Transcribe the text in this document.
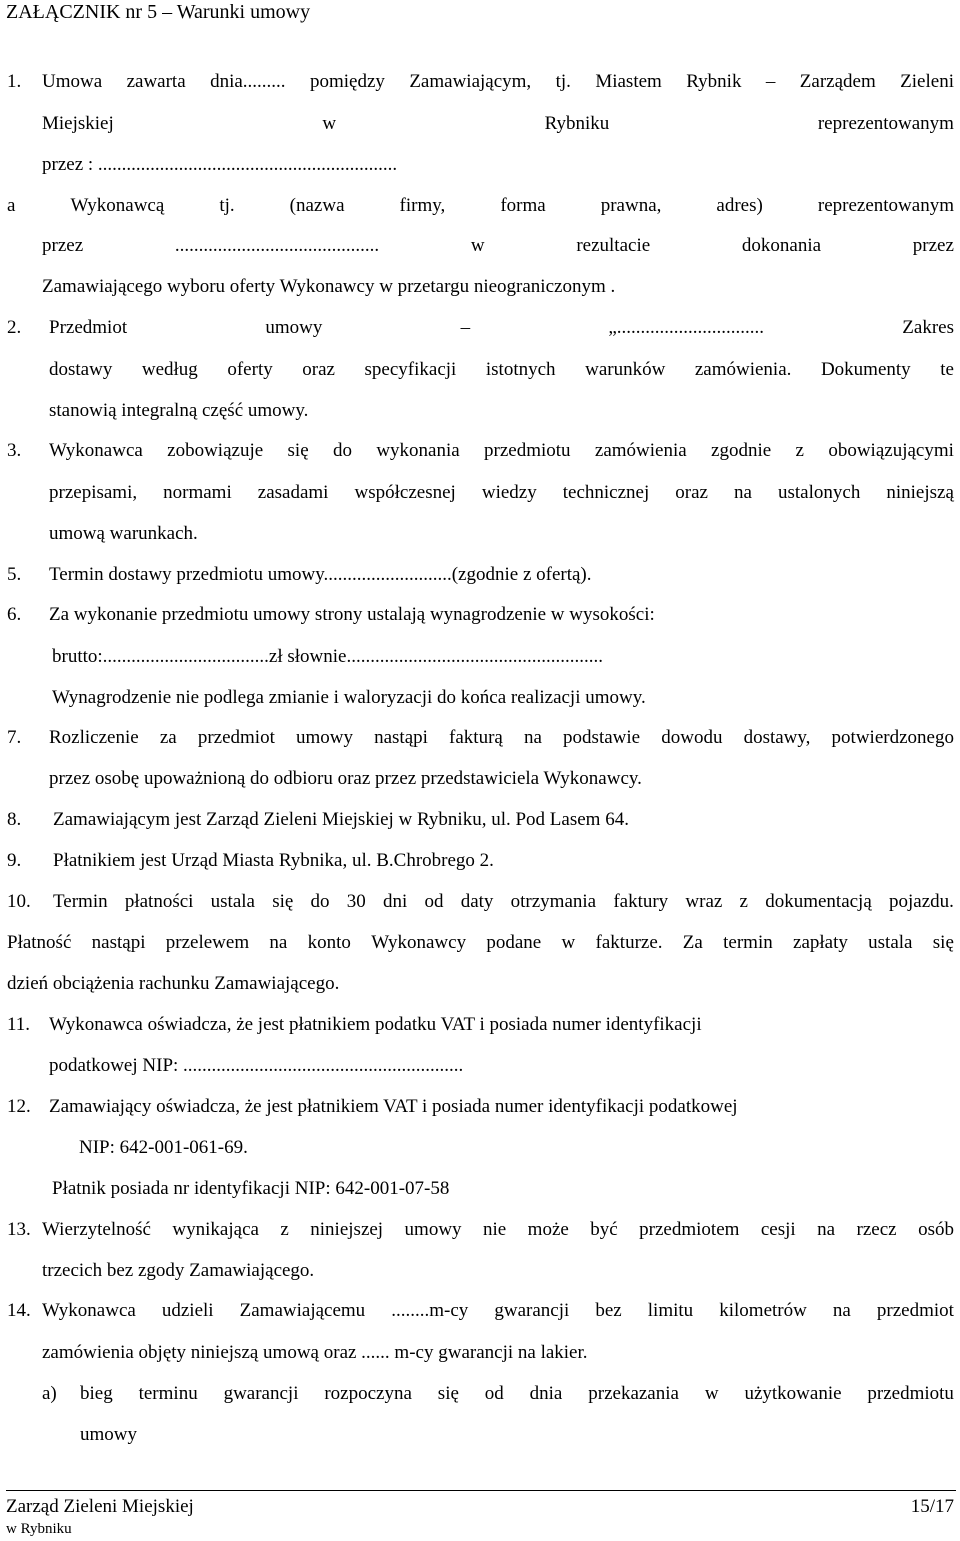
ZAŁĄCZNIK nr 5 – Warunki umowy
1. Umowa zawarta dnia......... pomiędzy Zamawiającym, tj. Miastem Rybnik – Zarządem Zieleni
Miejskiej	w	Rybniku	reprezentowanym
przez : ...............................................................
a	Wykonawcą	tj.	(nazwa	firmy,	forma	prawna,	adres)	reprezentowanym
przez	...........................................	w	rezultacie	dokonania	przez
Zamawiającego wyboru oferty Wykonawcy w przetargu nieograniczonym .
2. Przedmiot	umowy	–	„...............................	Zakres
dostawy według oferty oraz specyfikacji istotnych warunków zamówienia. Dokumenty te
stanowią integralną część umowy.
3. Wykonawca zobowiązuje się do wykonania przedmiotu zamówienia zgodnie z obowiązującymi
przepisami, normami zasadami współczesnej wiedzy technicznej oraz na ustalonych niniejszą
umową warunkach.
5. Termin dostawy przedmiotu umowy...........................(zgodnie z ofertą).
6. Za wykonanie przedmiotu umowy strony ustalają wynagrodzenie w wysokości:
brutto:...................................zł słownie......................................................
Wynagrodzenie nie podlega zmianie i waloryzacji do końca realizacji umowy.
7. Rozliczenie za przedmiot umowy nastąpi fakturą na podstawie dowodu dostawy, potwierdzonego
przez osobę upoważnioną do odbioru oraz przez przedstawiciela Wykonawcy.
8. Zamawiającym jest Zarząd Zieleni Miejskiej w Rybniku, ul. Pod Lasem 64.
9. Płatnikiem jest Urząd Miasta Rybnika, ul. B.Chrobrego 2.
10. Termin płatności ustala się do 30 dni od daty otrzymania faktury wraz z dokumentacją pojazdu.
Płatność nastąpi przelewem na konto Wykonawcy podane w fakturze. Za termin zapłaty ustala się
dzień obciążenia rachunku Zamawiającego.
11. Wykonawca oświadcza, że jest płatnikiem podatku VAT i posiada numer identyfikacji
podatkowej NIP: ...........................................................
12. Zamawiający oświadcza, że jest płatnikiem VAT i posiada numer identyfikacji podatkowej
NIP: 642-001-061-69.
Płatnik posiada nr identyfikacji NIP: 642-001-07-58
13. Wierzytelność wynikająca z niniejszej umowy nie może być przedmiotem cesji na rzecz osób
trzecich bez zgody Zamawiającego.
14. Wykonawca udzieli Zamawiającemu ........m-cy gwarancji bez limitu kilometrów na przedmiot
zamówienia objęty niniejszą umową oraz ...... m-cy gwarancji na lakier.
a) bieg terminu gwarancji rozpoczyna się od dnia przekazania w użytkowanie przedmiotu
umowy
Zarząd Zieleni Miejskiej
w Rybniku
15/17
